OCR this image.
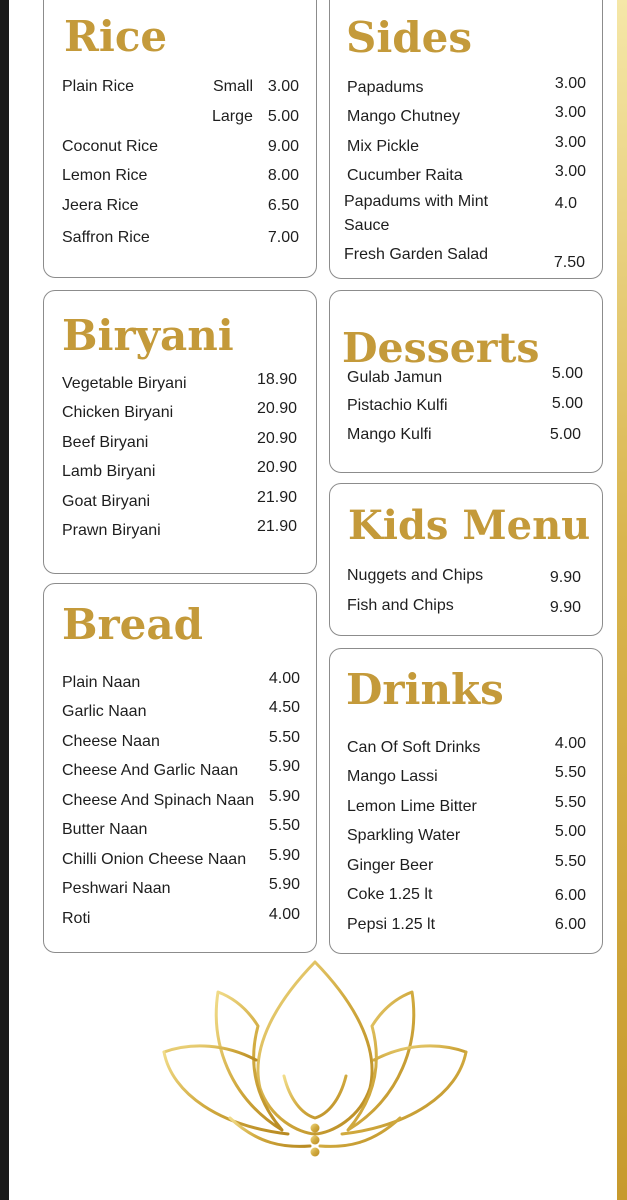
Rice
Plain Rice	Small 3.00
Large 5.00
Coconut Rice	9.00
Lemon Rice	8.00
Jeera Rice	6.50
Saffron Rice	7.00
Sides
Papadums	3.00
Mango Chutney	3.00
Mix Pickle	3.00
Cucumber Raita	3.00
Papadums with Mint Sauce
4.0
Fresh Garden Salad	7.50
Biryani
Vegetable Biryani	18.90
Chicken Biryani	20.90
Beef Biryani	20.90
Lamb Biryani	20.90
Goat Biryani	21.90
Prawn Biryani	21.90
Desserts
Gulab Jamun	5.00
Pistachio Kulfi	5.00
Mango Kulfi	5.00
Kids Menu
Nuggets and Chips	9.90
Fish and Chips	9.90
Bread
Plain Naan	4.00
Garlic Naan	4.50
Cheese Naan	5.50
Cheese And Garlic Naan 5.90
Cheese And Spinach Naan 5.90
Butter Naan	5.50
Chilli Onion Cheese Naan 5.90
Peshwari Naan	5.90
Roti	4.00
Drinks
Can Of Soft Drinks	4.00
Mango Lassi	5.50
Lemon Lime Bitter	5.50
Sparkling Water	5.00
Ginger Beer	5.50
Coke 1.25 lt	6.00
Pepsi 1.25 lt	6.00
